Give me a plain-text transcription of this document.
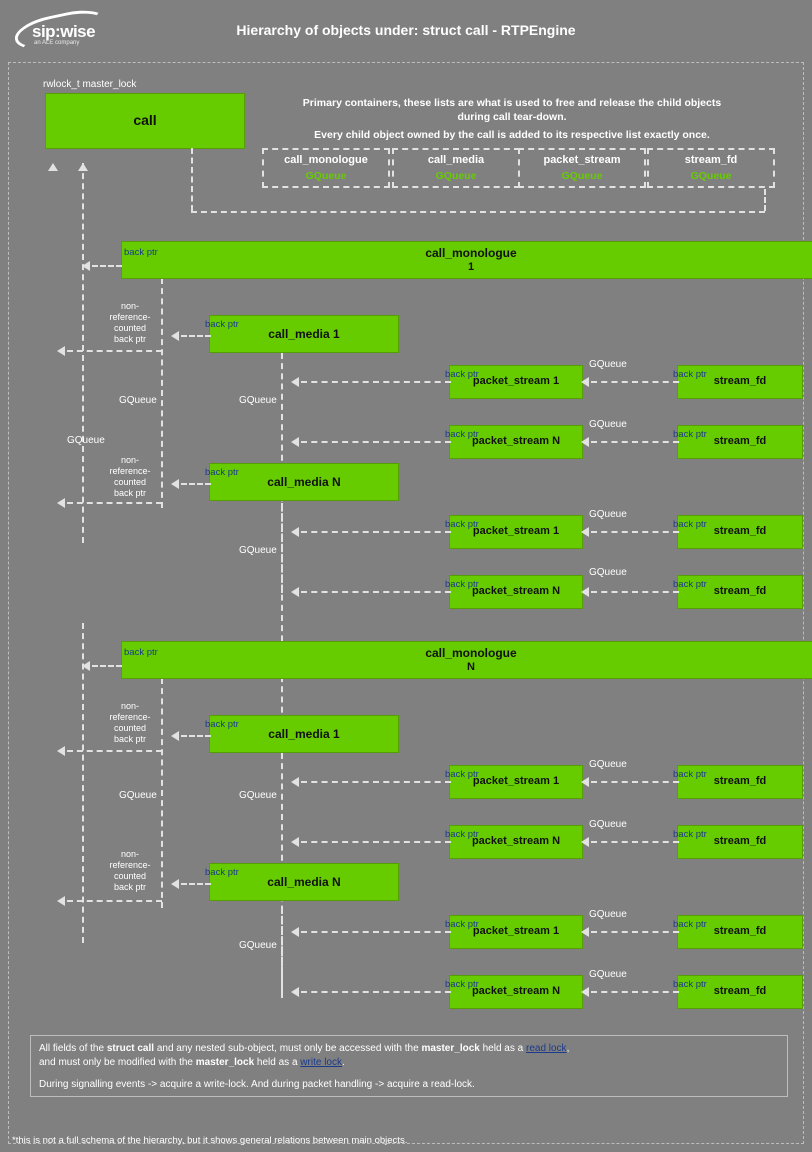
sip:wise
an ALE company
Hierarchy of objects under: struct call - RTPEngine
rwlock_t master_lock
call
Primary containers, these lists are what is used to free and release the child objects
during call tear-down.
Every child object owned by the call is added to its respective list exactly once.
call_monologue
GQueue
call_media
GQueue
packet_stream
GQueue
stream_fd
GQueue
GQueue
GQueue	GQueue
GQueue
GQueue	GQueue
GQueue
call_monologue
1
back ptr
call_media 1
back ptr
non-
reference-
counted
back ptr
packet_stream 1
back ptr
stream_fd
back ptr
GQueue
packet_stream N
back ptr
stream_fd
back ptr
GQueue
call_media N
back ptr
non-
reference-
counted
back ptr
packet_stream 1
back ptr
stream_fd
back ptr
GQueue
packet_stream N
back ptr
stream_fd
back ptr
GQueue
call_monologue
N
back ptr
call_media 1
back ptr
non-
reference-
counted
back ptr
packet_stream 1
back ptr
stream_fd
back ptr
GQueue
packet_stream N
back ptr
stream_fd
back ptr
GQueue
call_media N
back ptr
non-
reference-
counted
back ptr
packet_stream 1
back ptr
stream_fd
back ptr
GQueue
packet_stream N
back ptr
stream_fd
back ptr
GQueue
All fields of the struct call and any nested sub-object, must only be accessed with the master_lock held as a read lock,
and must only be modified with the master_lock held as a write lock.
During signalling events -> acquire a write-lock. And during packet handling -> acquire a read-lock.
*this is not a full schema of the hierarchy, but it shows general relations between main objects.
